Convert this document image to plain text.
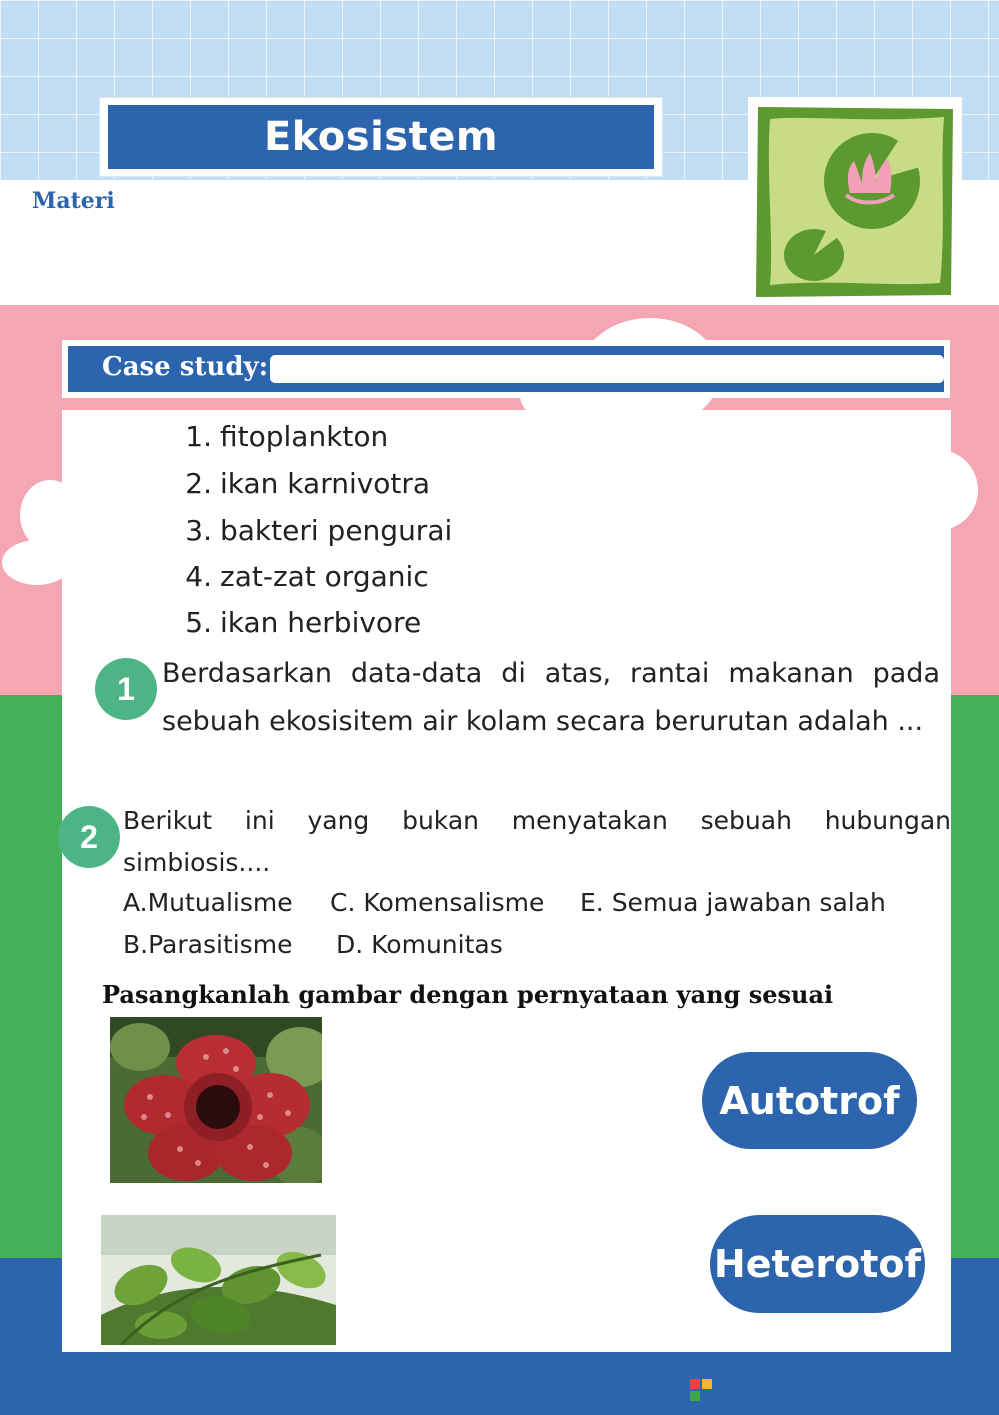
Ekosistem
Materi
Case study:
1. fitoplankton
2. ikan karnivotra
3. bakteri pengurai
4. zat-zat organic
5. ikan herbivore
1	Berdasarkan data-data di atas, rantai makanan pada sebuah ekosisitem air kolam secara berurutan adalah ...
2	Berikut ini yang bukan menyatakan sebuah hubungan simbiosis....
A.Mutualisme C. Komensalisme E. Semua jawaban salah
B.Parasitisme D. Komunitas
Pasangkanlah gambar dengan pernyataan yang sesuai
Autotrof
Heterotof
LIVEWORKSHEETS
